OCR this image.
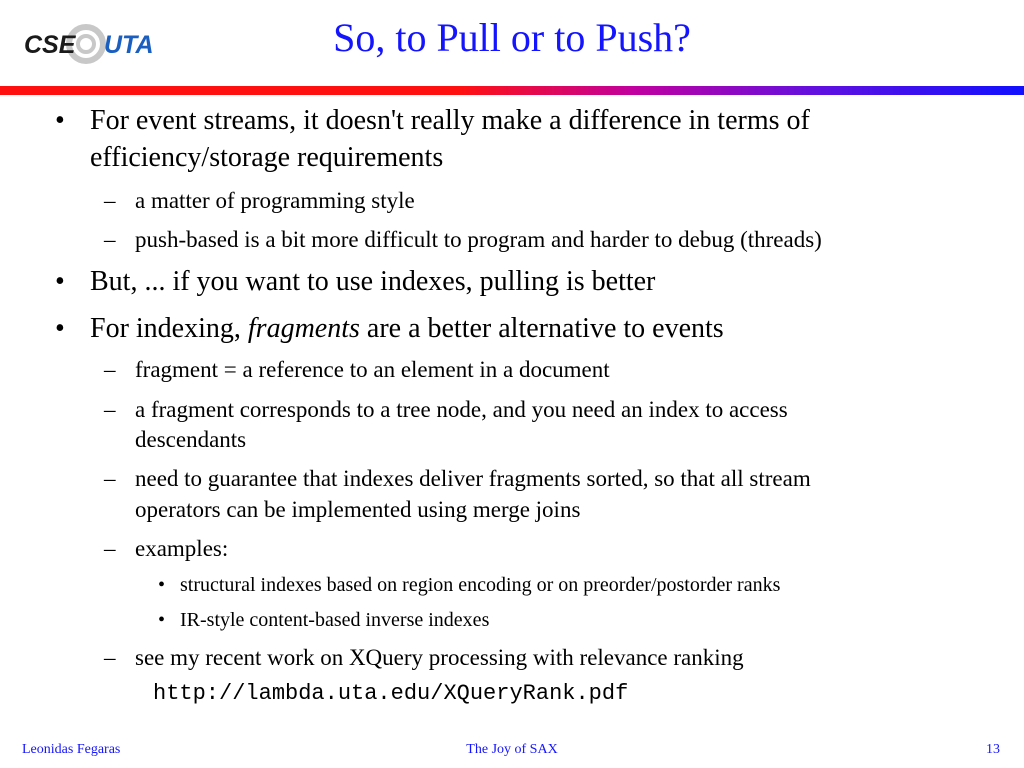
CSE UTA	So, to Pull or to Push?
• For event streams, it doesn't really make a difference in terms of
efficiency/storage requirements
– a matter of programming style
– push-based is a bit more difficult to program and harder to debug (threads)
• But, ... if you want to use indexes, pulling is better
• For indexing, fragments are a better alternative to events
– fragment = a reference to an element in a document
– a fragment corresponds to a tree node, and you need an index to access
descendants
– need to guarantee that indexes deliver fragments sorted, so that all stream
operators can be implemented using merge joins
– examples:
• structural indexes based on region encoding or on preorder/postorder ranks
• IR-style content-based inverse indexes
– see my recent work on XQuery processing with relevance ranking
http://lambda.uta.edu/XQueryRank.pdf
Leonidas Fegaras	The Joy of SAX	13
